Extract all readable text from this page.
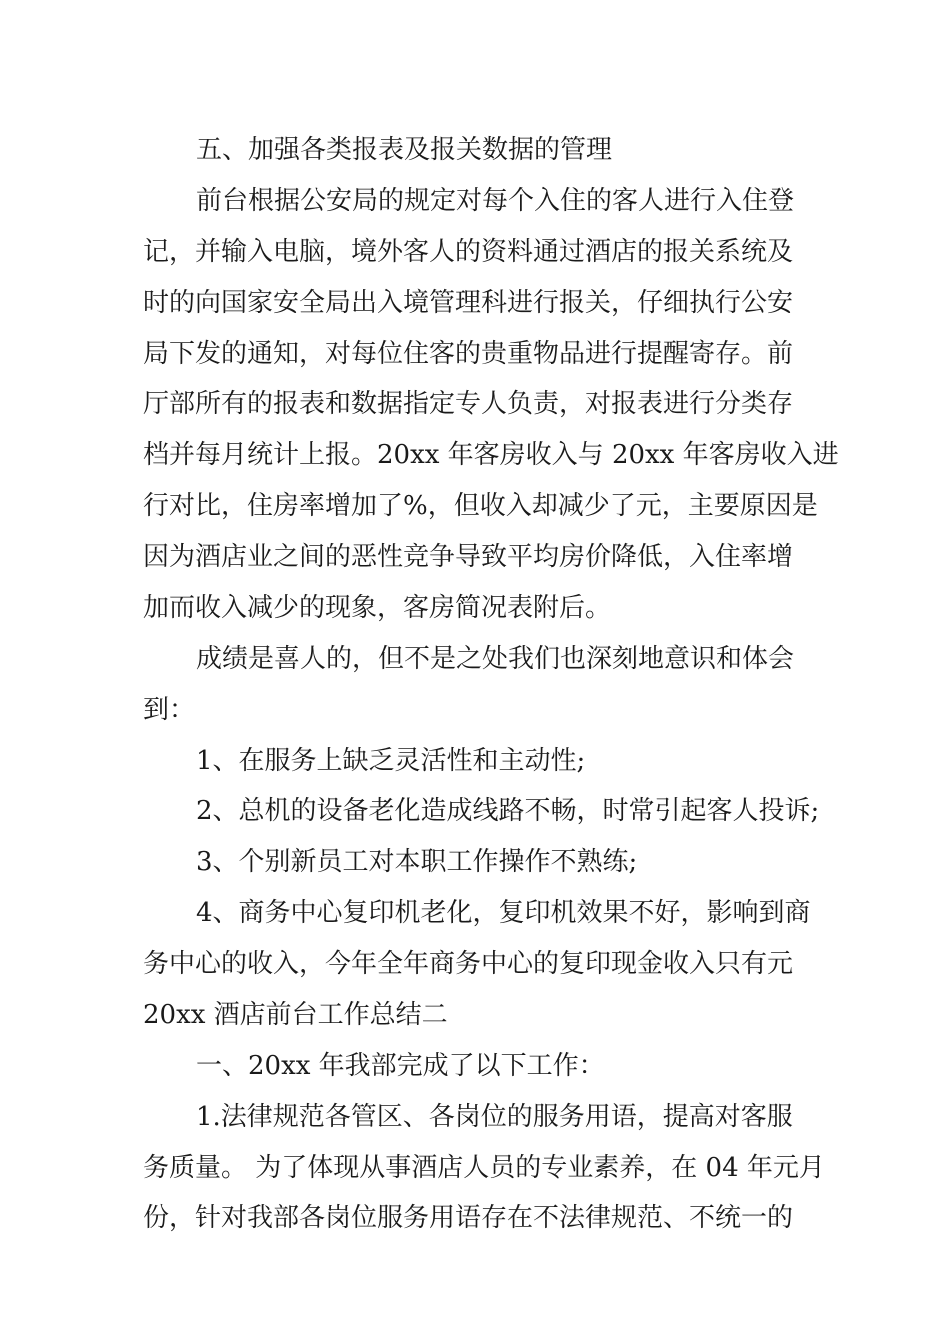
五、加强各类报表及报关数据的管理

前台根据公安局的规定对每个入住的客人进行入住登

记，并输入电脑，境外客人的资料通过酒店的报关系统及

时的向国家安全局出入境管理科进行报关，仔细执行公安

局下发的通知，对每位住客的贵重物品进行提醒寄存。前

厅部所有的报表和数据指定专人负责，对报表进行分类存

档并每月统计上报。20xx 年客房收入与 20xx 年客房收入进

行对比，住房率增加了%，但收入却减少了元，主要原因是

因为酒店业之间的恶性竞争导致平均房价降低，入住率增

加而收入减少的现象，客房简况表附后。

成绩是喜人的，但不是之处我们也深刻地意识和体会

到：

1、在服务上缺乏灵活性和主动性;

2、总机的设备老化造成线路不畅，时常引起客人投诉;

3、个别新员工对本职工作操作不熟练;

4、商务中心复印机老化，复印机效果不好，影响到商

务中心的收入，今年全年商务中心的复印现金收入只有元

20xx 酒店前台工作总结二

一、20xx 年我部完成了以下工作：

1.法律规范各管区、各岗位的服务用语，提高对客服

务质量。 为了体现从事酒店人员的专业素养，在 04 年元月

份，针对我部各岗位服务用语存在不法律规范、不统一的
